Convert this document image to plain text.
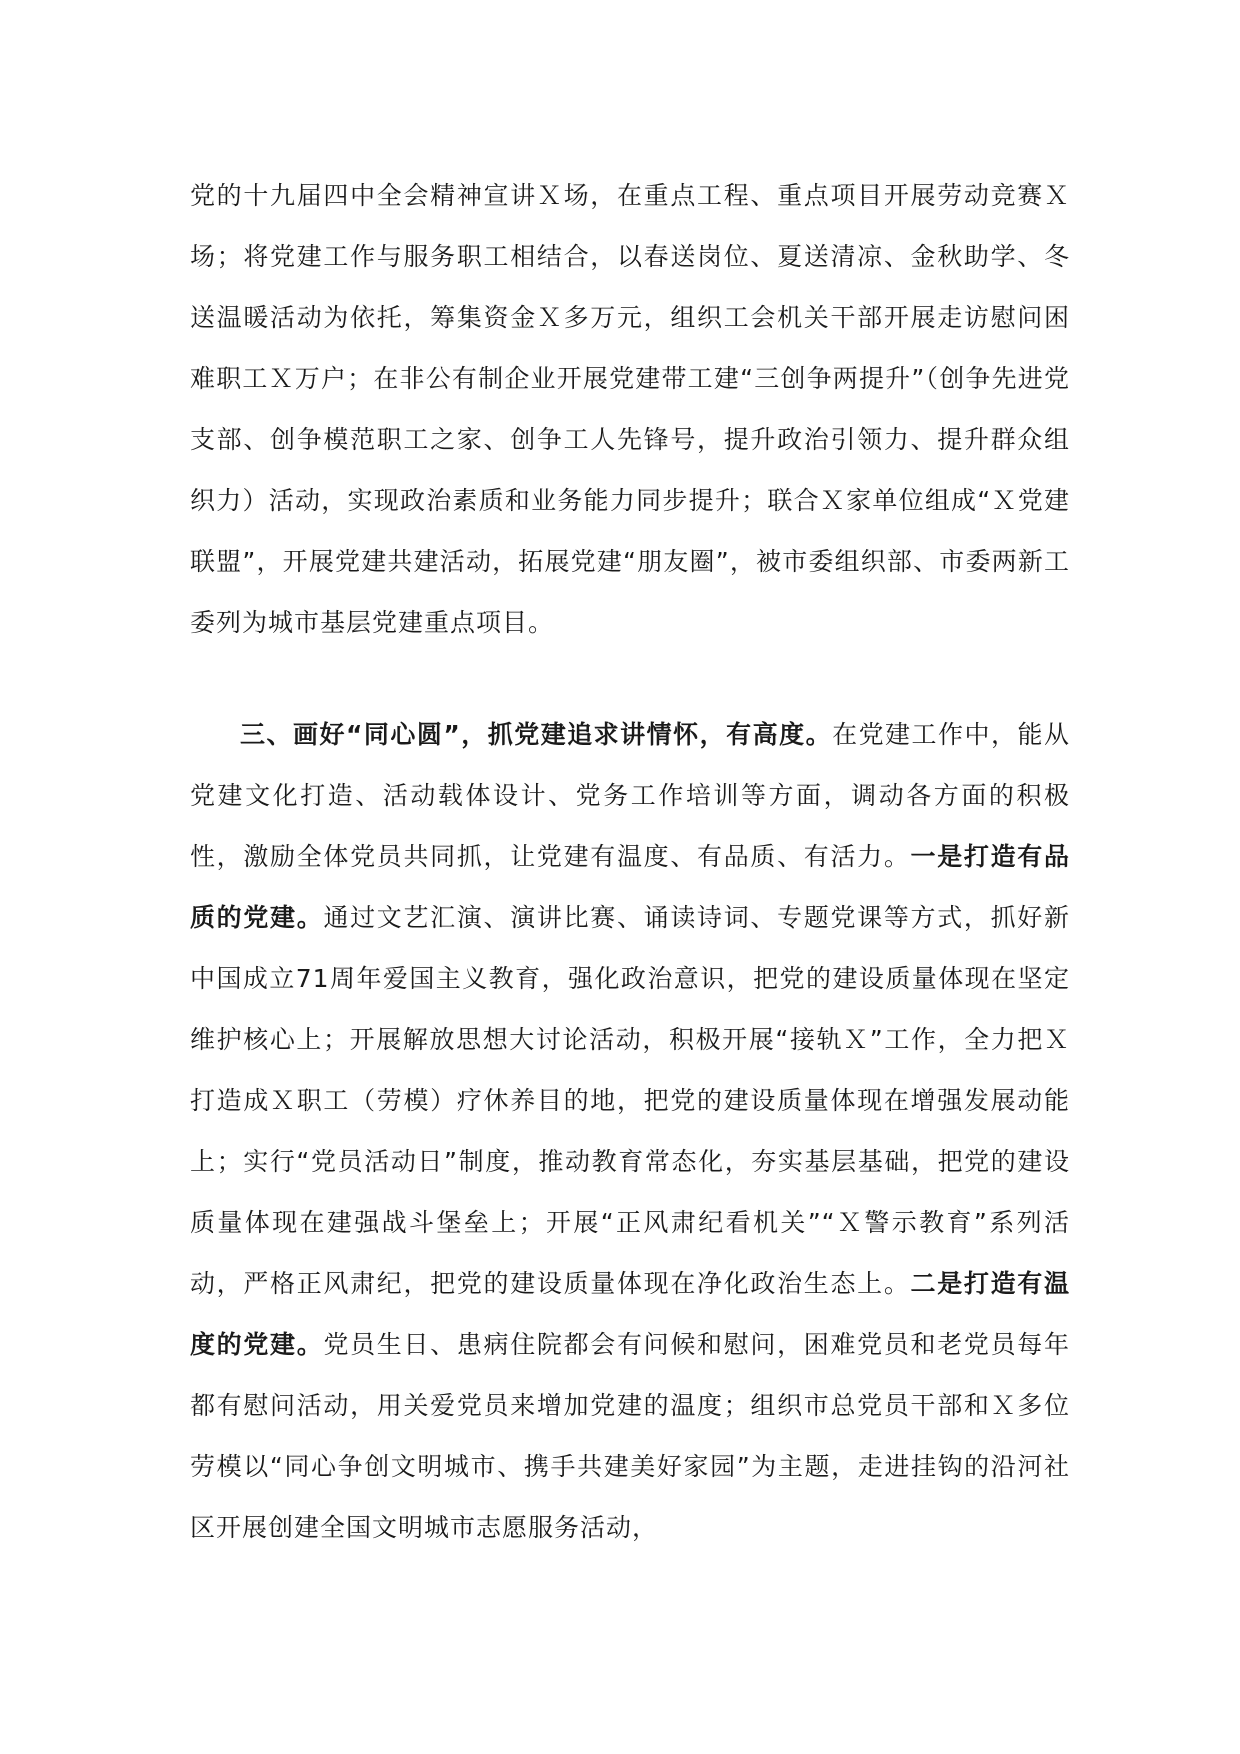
党的十九届四中全会精神宣讲Ｘ场，在重点工程、重点项目开展劳动竞赛Ｘ场；将党建工作与服务职工相结合，以春送岗位、夏送清凉、金秋助学、冬送温暖活动为依托，筹集资金Ｘ多万元，组织工会机关干部开展走访慰问困难职工Ｘ万户；在非公有制企业开展党建带工建“三创争两提升”（创争先进党支部、创争模范职工之家、创争工人先锋号，提升政治引领力、提升群众组织力）活动，实现政治素质和业务能力同步提升；联合Ｘ家单位组成“Ｘ党建联盟”，开展党建共建活动，拓展党建“朋友圈”，被市委组织部、市委两新工委列为城市基层党建重点项目。

三、画好“同心圆”，抓党建追求讲情怀，有高度。在党建工作中，能从党建文化打造、活动载体设计、党务工作培训等方面，调动各方面的积极性，激励全体党员共同抓，让党建有温度、有品质、有活力。一是打造有品质的党建。通过文艺汇演、演讲比赛、诵读诗词、专题党课等方式，抓好新中国成立71周年爱国主义教育，强化政治意识，把党的建设质量体现在坚定维护核心上；开展解放思想大讨论活动，积极开展“接轨Ｘ”工作，全力把Ｘ打造成Ｘ职工（劳模）疗休养目的地，把党的建设质量体现在增强发展动能上；实行“党员活动日”制度，推动教育常态化，夯实基层基础，把党的建设质量体现在建强战斗堡垒上；开展“正风肃纪看机关”“Ｘ警示教育”系列活动，严格正风肃纪，把党的建设质量体现在净化政治生态上。二是打造有温度的党建。党员生日、患病住院都会有问候和慰问，困难党员和老党员每年都有慰问活动，用关爱党员来增加党建的温度；组织市总党员干部和Ｘ多位劳模以“同心争创文明城市、携手共建美好家园”为主题，走进挂钩的沿河社区开展创建全国文明城市志愿服务活动，
